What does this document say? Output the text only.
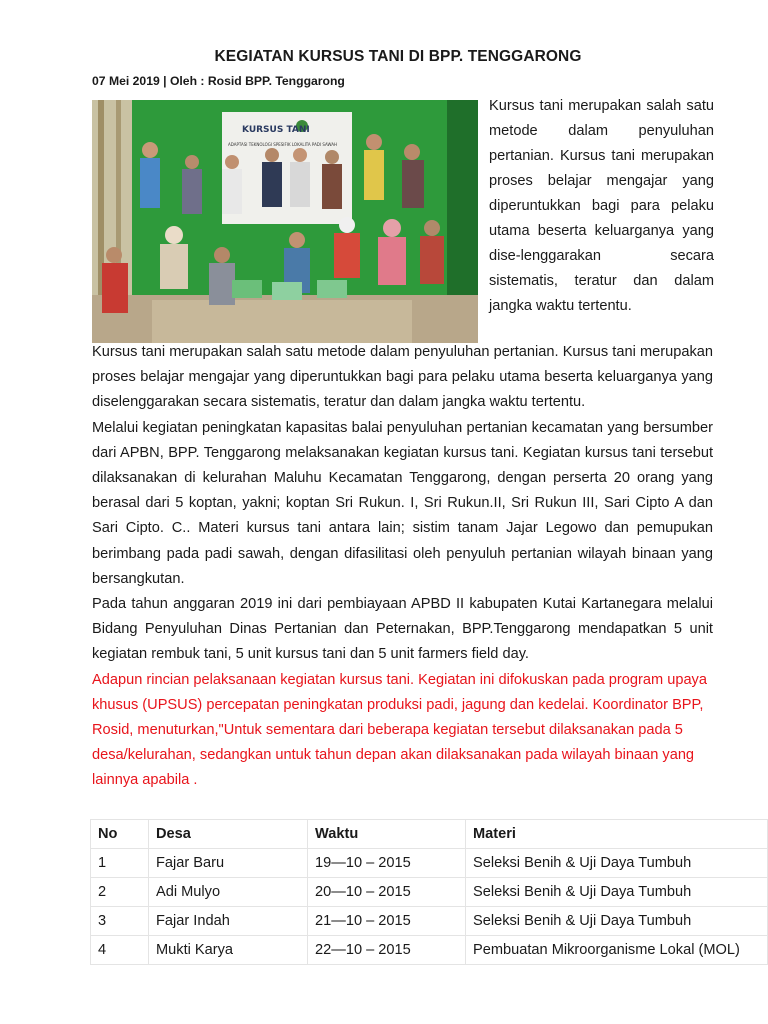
KEGIATAN KURSUS TANI DI BPP. TENGGARONG
07 Mei 2019 | Oleh : Rosid BPP. Tenggarong
KURSUS TANI
ADAPTASI TEKNOLOGI SPESIFIK LOKALITA PADI SAWAH
Kursus tani merupakan salah satu metode dalam penyuluhan pertanian. Kursus tani merupakan proses belajar mengajar yang diperuntukkan bagi para pelaku utama beserta keluarganya yang dise-lenggarakan secara sistematis, teratur dan dalam jangka waktu tertentu.

Kursus tani merupakan salah satu metode dalam penyuluhan pertanian. Kursus tani merupakan proses belajar mengajar yang diperuntukkan bagi para pelaku utama beserta keluarganya yang diselenggarakan secara sistematis, teratur dan dalam jangka waktu tertentu.

Melalui kegiatan peningkatan kapasitas balai penyuluhan pertanian kecamatan yang bersumber dari APBN, BPP. Tenggarong melaksanakan kegiatan kursus tani. Kegiatan kursus tani tersebut dilaksanakan di kelurahan Maluhu Kecamatan Tenggarong, dengan perserta 20 orang yang berasal dari 5 koptan, yakni; koptan Sri Rukun. I, Sri Rukun.II, Sri Rukun III, Sari Cipto A dan Sari Cipto. C.. Materi kursus tani antara lain; sistim tanam Jajar Legowo dan pemupukan berimbang pada padi sawah, dengan difasilitasi oleh penyuluh pertanian wilayah binaan yang bersangkutan.

Pada tahun anggaran 2019 ini dari pembiayaan APBD II kabupaten Kutai Kartanegara melalui Bidang Penyuluhan Dinas Pertanian dan Peternakan, BPP.Tenggarong mendapatkan 5 unit kegiatan rembuk tani, 5 unit kursus tani dan 5 unit farmers field day.

Adapun rincian pelaksanaan kegiatan kursus tani. Kegiatan ini difokuskan pada program upaya khusus (UPSUS) percepatan peningkatan produksi padi, jagung dan kedelai. Koordinator BPP, Rosid, menuturkan,"Untuk sementara dari beberapa kegiatan tersebut dilaksanakan pada 5 desa/kelurahan, sedangkan untuk tahun depan akan dilaksanakan pada wilayah binaan yang lainnya apabila .

No	Desa	Waktu	Materi
1	Fajar Baru	19—10 – 2015	Seleksi Benih & Uji Daya Tumbuh
2	Adi Mulyo	20—10 – 2015	Seleksi Benih & Uji Daya Tumbuh
3	Fajar Indah	21—10 – 2015	Seleksi Benih & Uji Daya Tumbuh
4	Mukti Karya	22—10 – 2015	Pembuatan Mikroorganisme Lokal (MOL)
